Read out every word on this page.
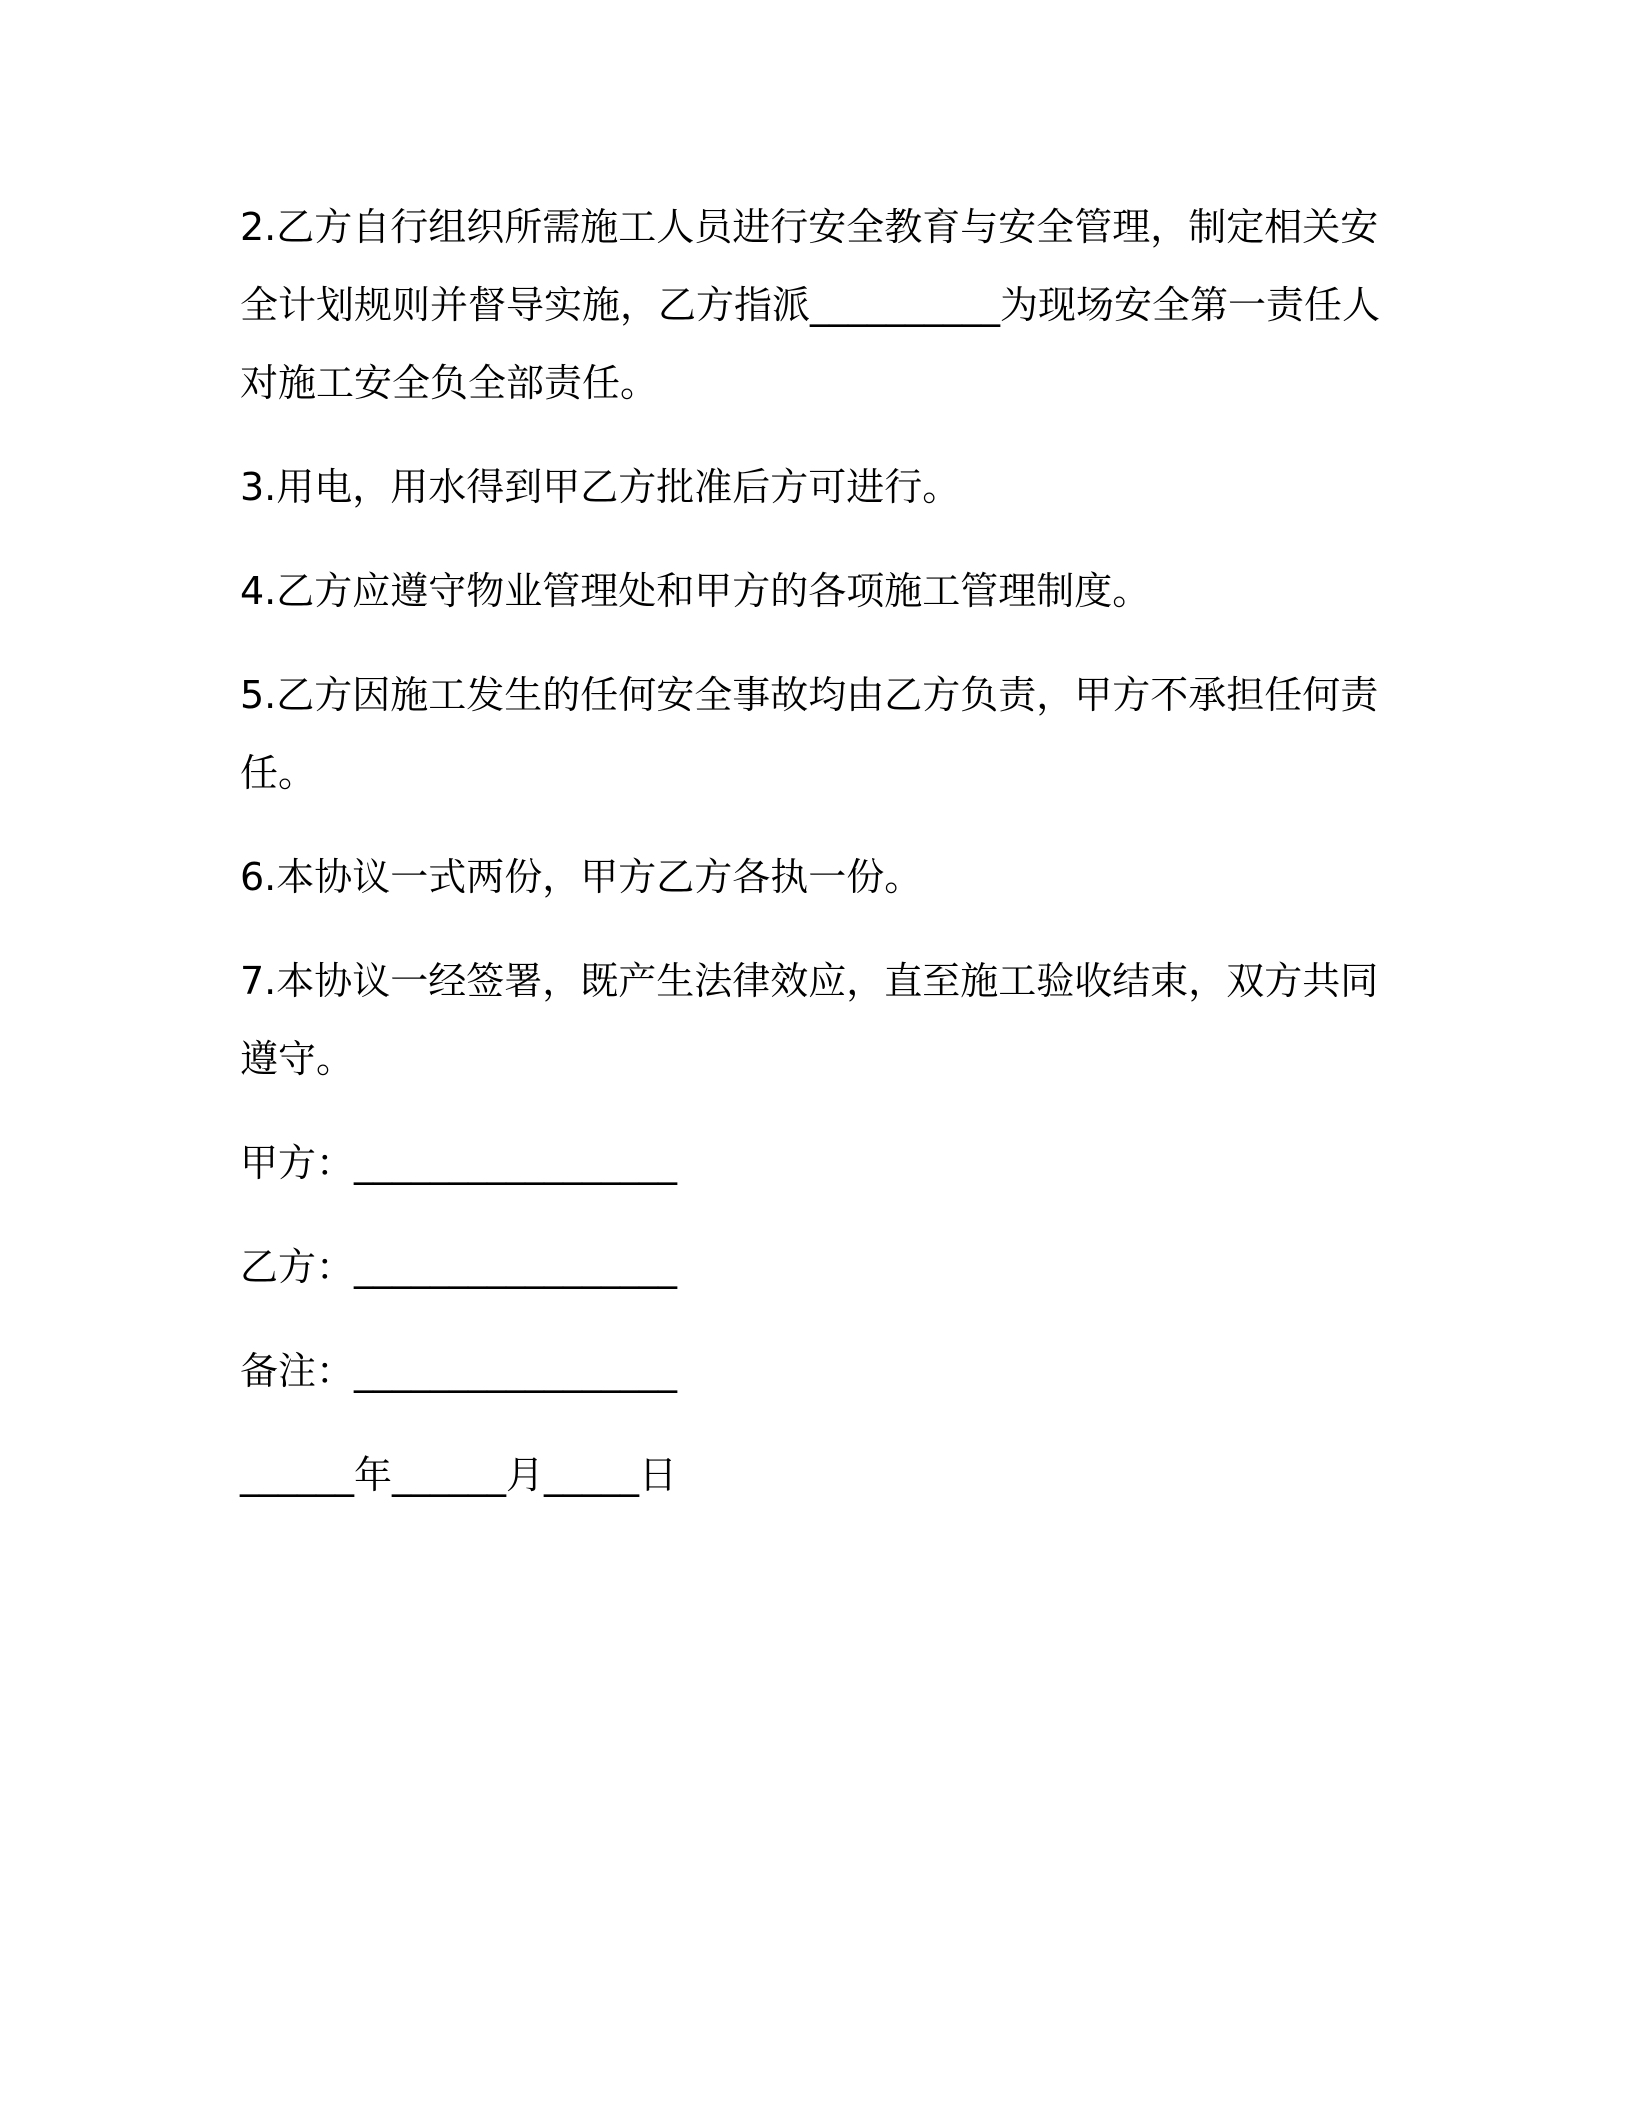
2.乙方自行组织所需施工人员进行安全教育与安全管理，制定相关安全计划规则并督导实施，乙方指派__________为现场安全第一责任人对施工安全负全部责任。

3.用电，用水得到甲乙方批准后方可进行。

4.乙方应遵守物业管理处和甲方的各项施工管理制度。

5.乙方因施工发生的任何安全事故均由乙方负责，甲方不承担任何责任。

6.本协议一式两份，甲方乙方各执一份。

7.本协议一经签署，既产生法律效应，直至施工验收结束，双方共同遵守。

甲方：_________________

乙方：_________________

备注：_________________

______年______月_____日
